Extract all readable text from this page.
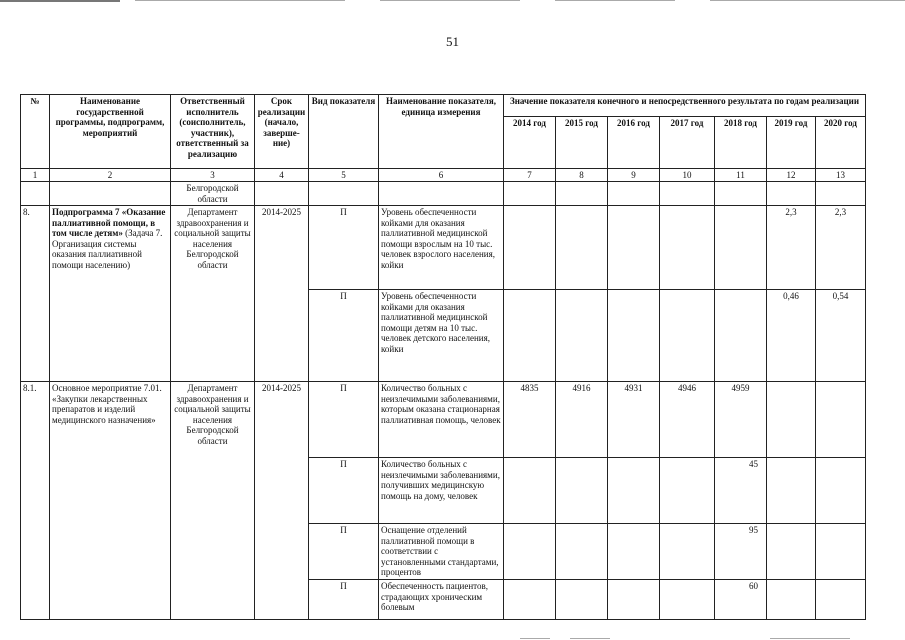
51
№	Наименование государственной программы, подпрограмм, мероприятий	Ответственный исполнитель (соисполнитель, участник), ответственный за реализацию	Срок реализации (начало, заверше-ние)	Вид показателя	Наименование показателя, единица измерения	Значение показателя конечного и непосредственного результата по годам реализации						
						2014 год	2015 год	2016 год	2017 год	2018 год	2019 год	2020 год
1	2	3	4	5	6	7	8	9	10	11	12	13
		Белгородской области										
8.	Подпрограмма 7 «Оказание паллиативной помощи, в том числе детям» (Задача 7. Организация системы оказания паллиативной помощи населению)	Департамент здравоохранения и социальной защиты населения Белгородской области	2014-2025	П	Уровень обеспеченности койками для оказания паллиативной медицинской помощи взрослым на 10 тыс. человек взрослого населения, койки						2,3	2,3
				П	Уровень обеспеченности койками для оказания паллиативной медицинской помощи детям на 10 тыс. человек детского населения, койки						0,46	0,54
8.1.	Основное мероприятие 7.01. «Закупки лекарственных препаратов и изделий медицинского назначения»	Департамент здравоохранения и социальной защиты населения Белгородской области	2014-2025	П	Количество больных с неизлечимыми заболеваниями, которым оказана стационарная паллиативная помощь, человек	4835	4916	4931	4946	4959		
				П	Количество больных с неизлечимыми заболеваниями, получивших медицинскую помощь на дому, человек					45		
				П	Оснащение отделений паллиативной помощи в соответствии с установленными стандартами, процентов					95		
				П	Обеспеченность пациентов, страдающих хроническим болевым					60		
